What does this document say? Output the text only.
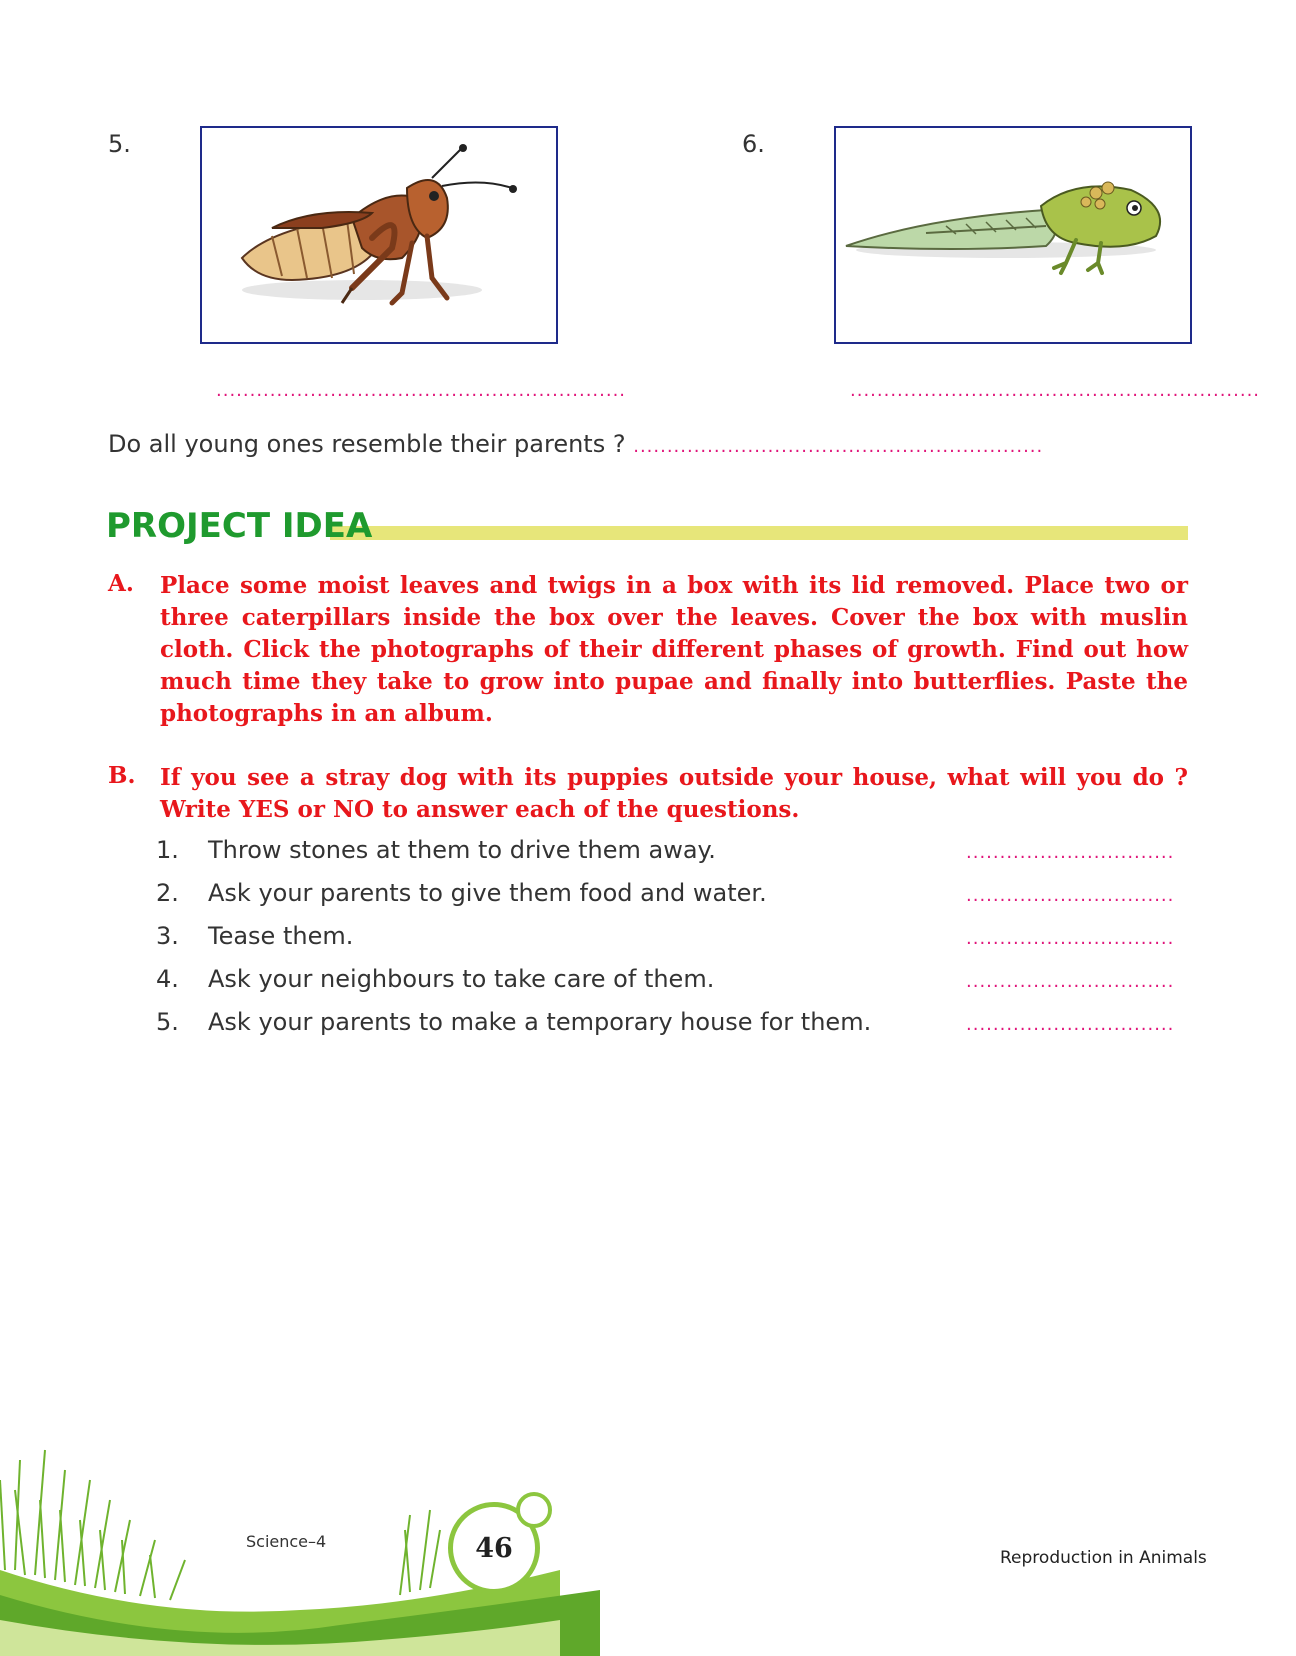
5.
.............................................................
6.
.............................................................
Do all young ones resemble their parents ? .............................................................
PROJECT IDEA
A. Place some moist leaves and twigs in a box with its lid removed. Place two or three caterpillars inside the box over the leaves. Cover the box with muslin cloth. Click the photographs of their different phases of growth. Find out how much time they take to grow into pupae and finally into butterflies. Paste the photographs in an album.
B. If you see a stray dog with its puppies outside your house, what will you do ? Write YES or NO to answer each of the questions.
1. Throw stones at them to drive them away.	...............................
2. Ask your parents to give them food and water.	...............................
3. Tease them.	...............................
4. Ask your neighbours to take care of them.	...............................
5. Ask your parents to make a temporary house for them.	...............................
Science–4	46	Reproduction in Animals
